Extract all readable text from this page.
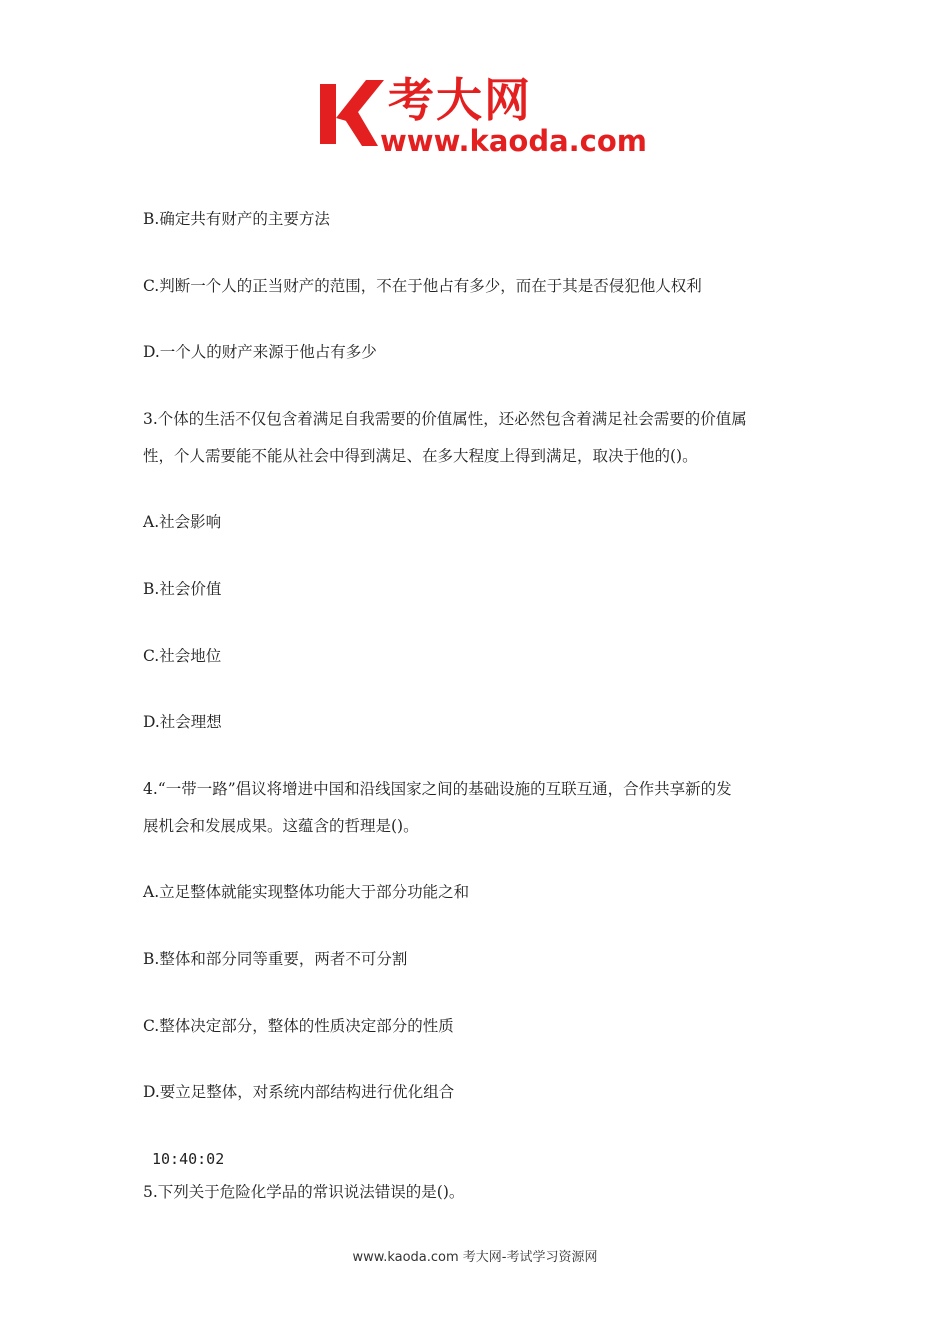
考大网
www.kaoda.com
B.确定共有财产的主要方法
C.判断一个人的正当财产的范围，不在于他占有多少，而在于其是否侵犯他人权利
D.一个人的财产来源于他占有多少
3.个体的生活不仅包含着满足自我需要的价值属性，还必然包含着满足社会需要的价值属
性，个人需要能不能从社会中得到满足、在多大程度上得到满足，取决于他的()。
A.社会影响
B.社会价值
C.社会地位
D.社会理想
4.“一带一路”倡议将增进中国和沿线国家之间的基础设施的互联互通，合作共享新的发
展机会和发展成果。这蕴含的哲理是()。
A.立足整体就能实现整体功能大于部分功能之和
B.整体和部分同等重要，两者不可分割
C.整体决定部分，整体的性质决定部分的性质
D.要立足整体，对系统内部结构进行优化组合
10:40:02
5.下列关于危险化学品的常识说法错误的是()。
www.kaoda.com 考大网-考试学习资源网
